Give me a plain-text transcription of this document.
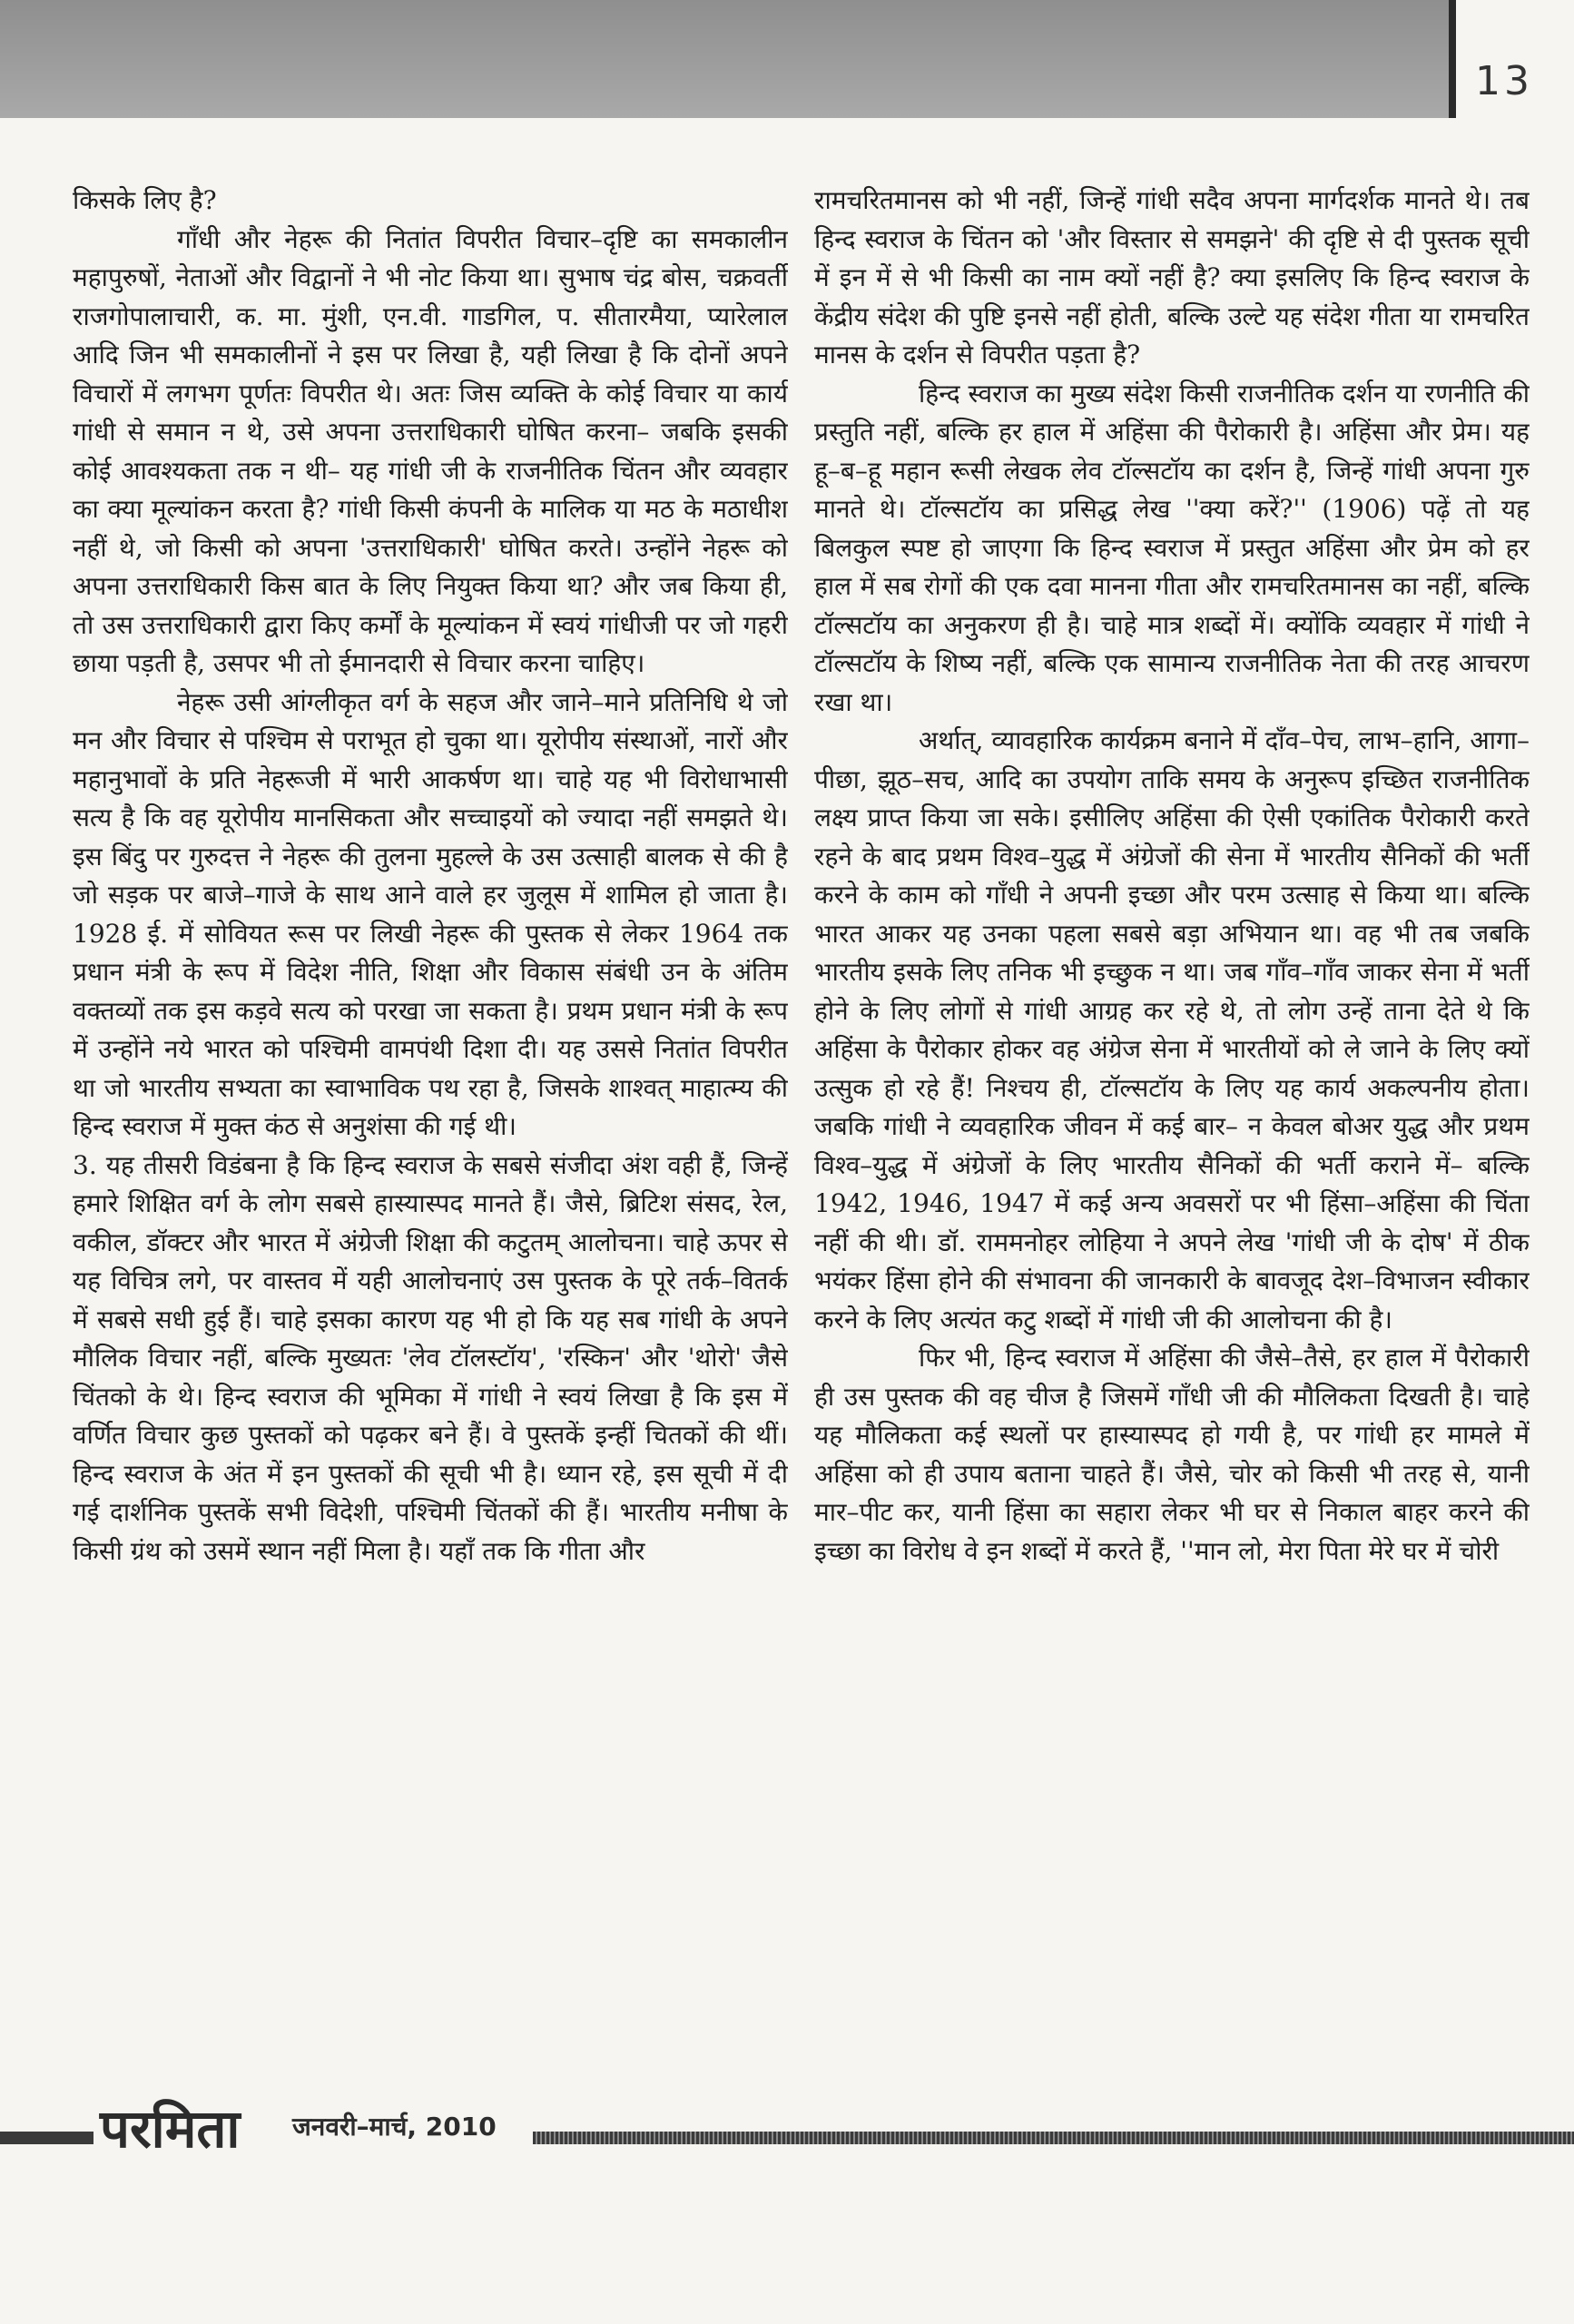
13

किसके लिए है?

गाँधी और नेहरू की नितांत विपरीत विचार–दृष्टि का समकालीन महापुरुषों, नेताओं और विद्वानों ने भी नोट किया था। सुभाष चंद्र बोस, चक्रवर्ती राजगोपालाचारी, क. मा. मुंशी, एन.वी. गाडगिल, प. सीतारमैया, प्यारेलाल आदि जिन भी समकालीनों ने इस पर लिखा है, यही लिखा है कि दोनों अपने विचारों में लगभग पूर्णतः विपरीत थे। अतः जिस व्यक्ति के कोई विचार या कार्य गांधी से समान न थे, उसे अपना उत्तराधिकारी घोषित करना– जबकि इसकी कोई आवश्यकता तक न थी– यह गांधी जी के राजनीतिक चिंतन और व्यवहार का क्या मूल्यांकन करता है? गांधी किसी कंपनी के मालिक या मठ के मठाधीश नहीं थे, जो किसी को अपना 'उत्तराधिकारी' घोषित करते। उन्होंने नेहरू को अपना उत्तराधिकारी किस बात के लिए नियुक्त किया था? और जब किया ही, तो उस उत्तराधिकारी द्वारा किए कर्मों के मूल्यांकन में स्वयं गांधीजी पर जो गहरी छाया पड़ती है, उसपर भी तो ईमानदारी से विचार करना चाहिए।

नेहरू उसी आंग्लीकृत वर्ग के सहज और जाने–माने प्रतिनिधि थे जो मन और विचार से पश्चिम से पराभूत हो चुका था। यूरोपीय संस्थाओं, नारों और महानुभावों के प्रति नेहरूजी में भारी आकर्षण था। चाहे यह भी विरोधाभासी सत्य है कि वह यूरोपीय मानसिकता और सच्चाइयों को ज्यादा नहीं समझते थे। इस बिंदु पर गुरुदत्त ने नेहरू की तुलना मुहल्ले के उस उत्साही बालक से की है जो सड़क पर बाजे–गाजे के साथ आने वाले हर जुलूस में शामिल हो जाता है। 1928 ई. में सोवियत रूस पर लिखी नेहरू की पुस्तक से लेकर 1964 तक प्रधान मंत्री के रूप में विदेश नीति, शिक्षा और विकास संबंधी उन के अंतिम वक्तव्यों तक इस कड़वे सत्य को परखा जा सकता है। प्रथम प्रधान मंत्री के रूप में उन्होंने नये भारत को पश्चिमी वामपंथी दिशा दी। यह उससे नितांत विपरीत था जो भारतीय सभ्यता का स्वाभाविक पथ रहा है, जिसके शाश्वत् माहात्म्य की हिन्द स्वराज में मुक्त कंठ से अनुशंसा की गई थी।

3. यह तीसरी विडंबना है कि हिन्द स्वराज के सबसे संजीदा अंश वही हैं, जिन्हें हमारे शिक्षित वर्ग के लोग सबसे हास्यास्पद मानते हैं। जैसे, ब्रिटिश संसद, रेल, वकील, डॉक्टर और भारत में अंग्रेजी शिक्षा की कटुतम् आलोचना। चाहे ऊपर से यह विचित्र लगे, पर वास्तव में यही आलोचनाएं उस पुस्तक के पूरे तर्क–वितर्क में सबसे सधी हुई हैं। चाहे इसका कारण यह भी हो कि यह सब गांधी के अपने मौलिक विचार नहीं, बल्कि मुख्यतः 'लेव टॉलस्टॉय', 'रस्किन' और 'थोरो' जैसे चिंतको के थे। हिन्द स्वराज की भूमिका में गांधी ने स्वयं लिखा है कि इस में वर्णित विचार कुछ पुस्तकों को पढ़कर बने हैं। वे पुस्तकें इन्हीं चितकों की थीं। हिन्द स्वराज के अंत में इन पुस्तकों की सूची भी है। ध्यान रहे, इस सूची में दी गई दार्शनिक पुस्तकें सभी विदेशी, पश्चिमी चिंतकों की हैं। भारतीय मनीषा के किसी ग्रंथ को उसमें स्थान नहीं मिला है। यहाँ तक कि गीता और

रामचरितमानस को भी नहीं, जिन्हें गांधी सदैव अपना मार्गदर्शक मानते थे। तब हिन्द स्वराज के चिंतन को 'और विस्तार से समझने' की दृष्टि से दी पुस्तक सूची में इन में से भी किसी का नाम क्यों नहीं है? क्या इसलिए कि हिन्द स्वराज के केंद्रीय संदेश की पुष्टि इनसे नहीं होती, बल्कि उल्टे यह संदेश गीता या रामचरित मानस के दर्शन से विपरीत पड़ता है?

हिन्द स्वराज का मुख्य संदेश किसी राजनीतिक दर्शन या रणनीति की प्रस्तुति नहीं, बल्कि हर हाल में अहिंसा की पैरोकारी है। अहिंसा और प्रेम। यह हू–ब–हू महान रूसी लेखक लेव टॉल्सटॉय का दर्शन है, जिन्हें गांधी अपना गुरु मानते थे। टॉल्सटॉय का प्रसिद्ध लेख ''क्या करें?'' (1906) पढ़ें तो यह बिलकुल स्पष्ट हो जाएगा कि हिन्द स्वराज में प्रस्तुत अहिंसा और प्रेम को हर हाल में सब रोगों की एक दवा मानना गीता और रामचरितमानस का नहीं, बल्कि टॉल्सटॉय का अनुकरण ही है। चाहे मात्र शब्दों में। क्योंकि व्यवहार में गांधी ने टॉल्सटॉय के शिष्य नहीं, बल्कि एक सामान्य राजनीतिक नेता की तरह आचरण रखा था।

अर्थात्, व्यावहारिक कार्यक्रम बनाने में दाँव–पेच, लाभ–हानि, आगा–पीछा, झूठ–सच, आदि का उपयोग ताकि समय के अनुरूप इच्छित राजनीतिक लक्ष्य प्राप्त किया जा सके। इसीलिए अहिंसा की ऐसी एकांतिक पैरोकारी करते रहने के बाद प्रथम विश्व–युद्ध में अंग्रेजों की सेना में भारतीय सैनिकों की भर्ती करने के काम को गाँधी ने अपनी इच्छा और परम उत्साह से किया था। बल्कि भारत आकर यह उनका पहला सबसे बड़ा अभियान था। वह भी तब जबकि भारतीय इसके लिए तनिक भी इच्छुक न था। जब गाँव–गाँव जाकर सेना में भर्ती होने के लिए लोगों से गांधी आग्रह कर रहे थे, तो लोग उन्हें ताना देते थे कि अहिंसा के पैरोकार होकर वह अंग्रेज सेना में भारतीयों को ले जाने के लिए क्यों उत्सुक हो रहे हैं! निश्चय ही, टॉल्सटॉय के लिए यह कार्य अकल्पनीय होता। जबकि गांधी ने व्यवहारिक जीवन में कई बार– न केवल बोअर युद्ध और प्रथम विश्व–युद्ध में अंग्रेजों के लिए भारतीय सैनिकों की भर्ती कराने में– बल्कि 1942, 1946, 1947 में कई अन्य अवसरों पर भी हिंसा–अहिंसा की चिंता नहीं की थी। डॉ. राममनोहर लोहिया ने अपने लेख 'गांधी जी के दोष' में ठीक भयंकर हिंसा होने की संभावना की जानकारी के बावजूद देश–विभाजन स्वीकार करने के लिए अत्यंत कटु शब्दों में गांधी जी की आलोचना की है।

फिर भी, हिन्द स्वराज में अहिंसा की जैसे–तैसे, हर हाल में पैरोकारी ही उस पुस्तक की वह चीज है जिसमें गाँधी जी की मौलिकता दिखती है। चाहे यह मौलिकता कई स्थलों पर हास्यास्पद हो गयी है, पर गांधी हर मामले में अहिंसा को ही उपाय बताना चाहते हैं। जैसे, चोर को किसी भी तरह से, यानी मार–पीट कर, यानी हिंसा का सहारा लेकर भी घर से निकाल बाहर करने की इच्छा का विरोध वे इन शब्दों में करते हैं, ''मान लो, मेरा पिता मेरे घर में चोरी

परमिता जनवरी–मार्च, 2010
